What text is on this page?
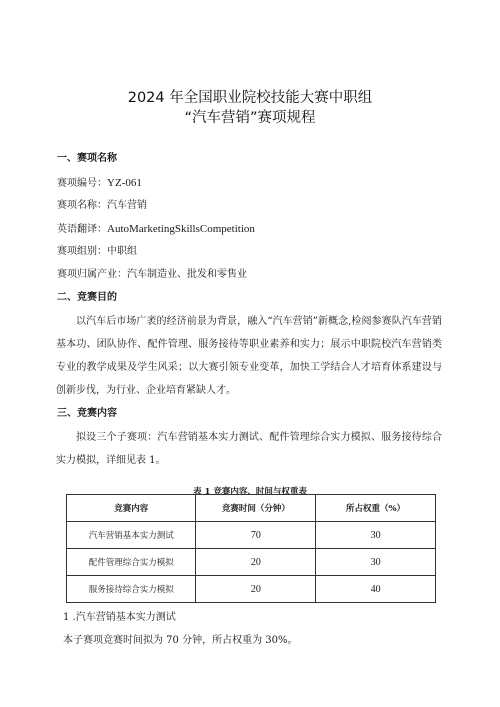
2024 年全国职业院校技能大赛中职组
“汽车营销”赛项规程
一、赛项名称
赛项编号：YZ-061
赛项名称：汽车营销
英语翻译：AutoMarketingSkillsCompetition
赛项组别：中职组
赛项归属产业：汽车制造业、批发和零售业
二、竞赛目的
以汽车后市场广袤的经济前景为背景，融入“汽车营销”新概念,检阅参赛队汽车营销基本功、团队协作、配件管理、服务接待等职业素养和实力；展示中职院校汽车营销类专业的教学成果及学生风采；以大赛引领专业变革，加快工学结合人才培育体系建设与创新步伐，为行业、企业培育紧缺人才。
三、竞赛内容
拟设三个子赛项：汽车营销基本实力测试、配件管理综合实力模拟、服务接待综合实力模拟，详细见表 1。
表 1 竞赛内容、时间与权重表
竞赛内容	竞赛时间（分钟）	所占权重（%）
汽车营销基本实力测试	70	30
配件管理综合实力模拟	20	30
服务接待综合实力模拟	20	40
1 .汽车营销基本实力测试
本子赛项竞赛时间拟为 70 分钟，所占权重为 30%。
